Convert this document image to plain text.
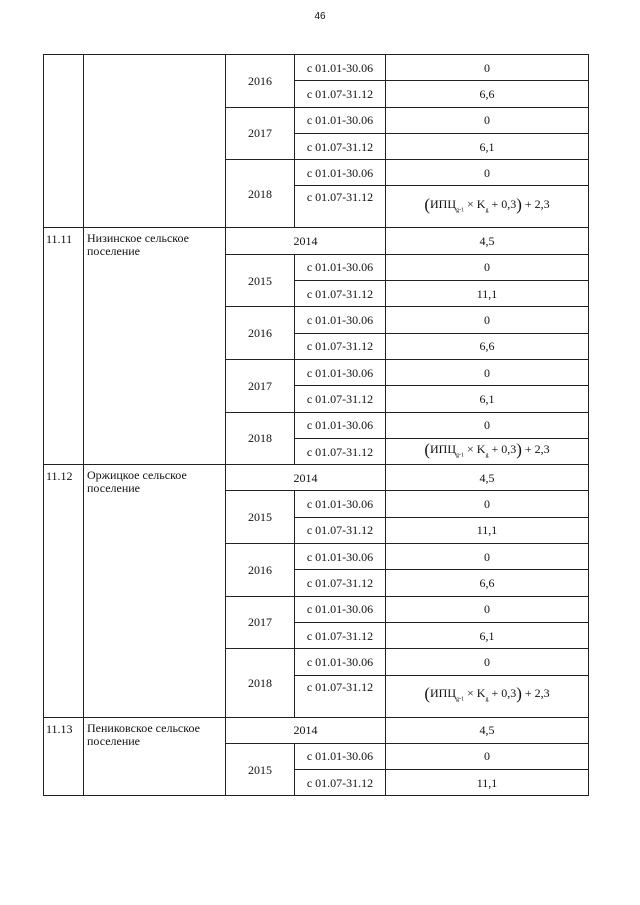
46
		2016	с 01.01-30.06	0
			с 01.07-31.12	6,6
		2017	с 01.01-30.06	0
			с 01.07-31.12	6,1
		2018	с 01.01-30.06	0
			с 01.07-31.12	$(ИПЦ_{g-1} \times K_g + 0,3) + 2,3$
11.11	Низинское сельское поселение	2014		4,5
		2015	с 01.01-30.06	0
			с 01.07-31.12	11,1
		2016	с 01.01-30.06	0
			с 01.07-31.12	6,6
		2017	с 01.01-30.06	0
			с 01.07-31.12	6,1
		2018	с 01.01-30.06	0
			с 01.07-31.12	$(ИПЦ_{g-1} \times K_g + 0,3) + 2,3$
11.12	Оржицкое сельское поселение	2014		4,5
		2015	с 01.01-30.06	0
			с 01.07-31.12	11,1
		2016	с 01.01-30.06	0
			с 01.07-31.12	6,6
		2017	с 01.01-30.06	0
			с 01.07-31.12	6,1
		2018	с 01.01-30.06	0
			с 01.07-31.12	$(ИПЦ_{g-1} \times K_g + 0,3) + 2,3$
11.13	Пениковское сельское поселение	2014		4,5
		2015	с 01.01-30.06	0
			с 01.07-31.12	11,1
